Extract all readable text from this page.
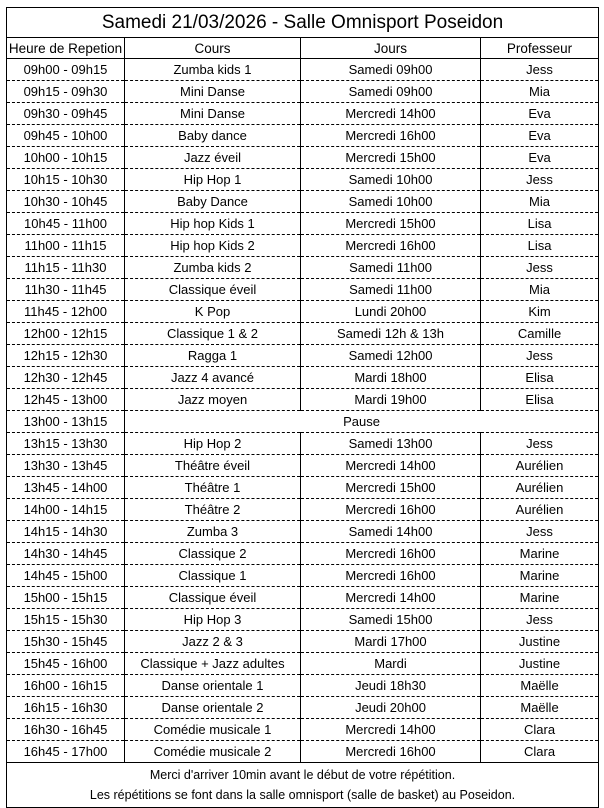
Samedi 21/03/2026 - Salle Omnisport Poseidon			
Heure de Repetion	Cours	Jours	Professeur
09h00 - 09h15	Zumba kids 1	Samedi 09h00	Jess
09h15 - 09h30	Mini Danse	Samedi 09h00	Mia
09h30 - 09h45	Mini Danse	Mercredi 14h00	Eva
09h45 - 10h00	Baby dance	Mercredi 16h00	Eva
10h00 - 10h15	Jazz éveil	Mercredi 15h00	Eva
10h15 - 10h30	Hip Hop 1	Samedi 10h00	Jess
10h30 - 10h45	Baby Dance	Samedi 10h00	Mia
10h45 - 11h00	Hip hop Kids 1	Mercredi 15h00	Lisa
11h00 - 11h15	Hip hop Kids 2	Mercredi 16h00	Lisa
11h15 - 11h30	Zumba kids 2	Samedi 11h00	Jess
11h30 - 11h45	Classique éveil	Samedi 11h00	Mia
11h45 - 12h00	K Pop	Lundi 20h00	Kim
12h00 - 12h15	Classique 1 & 2	Samedi 12h & 13h	Camille
12h15 - 12h30	Ragga 1	Samedi 12h00	Jess
12h30 - 12h45	Jazz 4 avancé	Mardi 18h00	Elisa
12h45 - 13h00	Jazz moyen	Mardi 19h00	Elisa
13h00 - 13h15	Pause		
13h15 - 13h30	Hip Hop 2	Samedi 13h00	Jess
13h30 - 13h45	Théâtre éveil	Mercredi 14h00	Aurélien
13h45 - 14h00	Théâtre 1	Mercredi 15h00	Aurélien
14h00 - 14h15	Théâtre 2	Mercredi 16h00	Aurélien
14h15 - 14h30	Zumba 3	Samedi 14h00	Jess
14h30 - 14h45	Classique 2	Mercredi 16h00	Marine
14h45 - 15h00	Classique 1	Mercredi 16h00	Marine
15h00 - 15h15	Classique éveil	Mercredi 14h00	Marine
15h15 - 15h30	Hip Hop 3	Samedi 15h00	Jess
15h30 - 15h45	Jazz 2 & 3	Mardi 17h00	Justine
15h45 - 16h00	Classique + Jazz adultes	Mardi	Justine
16h00 - 16h15	Danse orientale 1	Jeudi 18h30	Maëlle
16h15 - 16h30	Danse orientale 2	Jeudi 20h00	Maëlle
16h30 - 16h45	Comédie musicale 1	Mercredi 14h00	Clara
16h45 - 17h00	Comédie musicale 2	Mercredi 16h00	Clara

Merci d'arriver 10min avant le début de votre répétition.
Les répétitions se font dans la salle omnisport (salle de basket) au Poseidon.			
